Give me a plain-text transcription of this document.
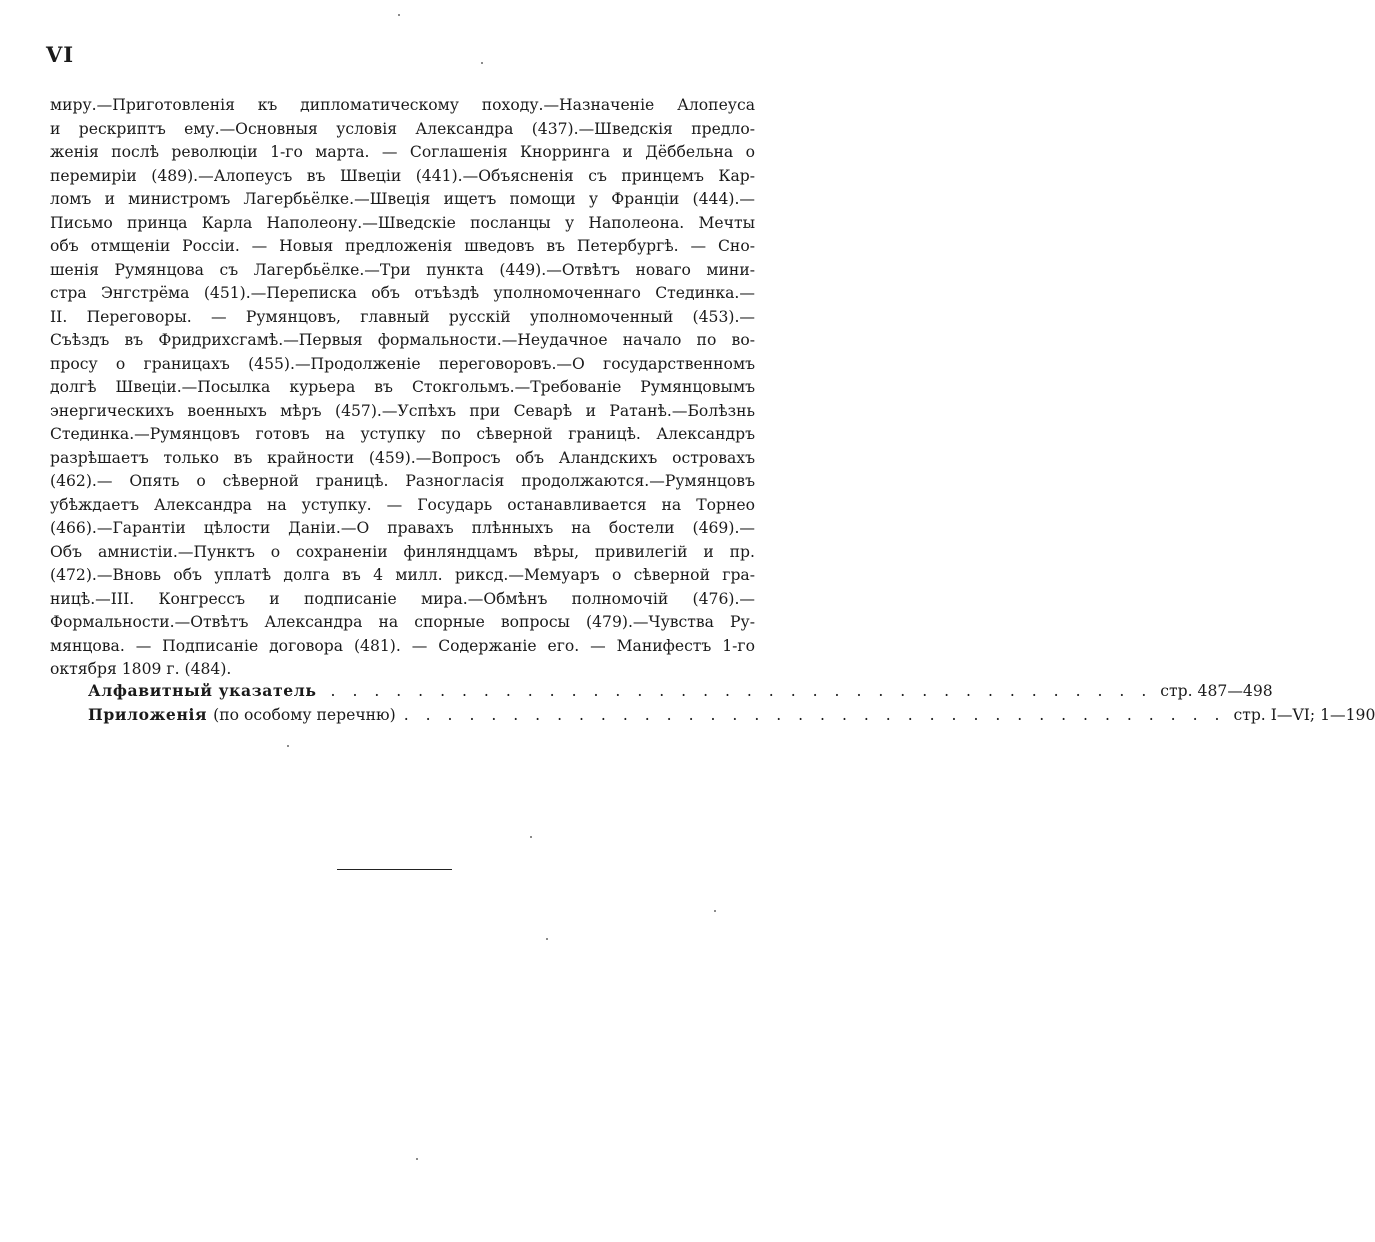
VI
миру.—Приготовленія къ дипломатическому походу.—Назначеніе Алопеуса
и рескриптъ ему.—Основныя условія Александра (437).—Шведскія предло-
женія послѣ революціи 1-го марта. — Соглашенія Кнорринга и Дёббельна о
перемиріи (489).—Алопеусъ въ Швеціи (441).—Объясненія съ принцемъ Кар-
ломъ и министромъ Лагербьёлке.—Швеція ищетъ помощи у Франціи (444).—
Письмо принца Карла Наполеону.—Шведскіе посланцы у Наполеона. Мечты
объ отмщеніи Россіи. — Новыя предложенія шведовъ въ Петербургѣ. — Сно-
шенія Румянцова съ Лагербьёлке.—Три пункта (449).—Отвѣтъ новаго мини-
стра Энгстрёма (451).—Переписка объ отъѣздѣ уполномоченнаго Стединка.—
II. Переговоры. — Румянцовъ, главный русскій уполномоченный (453).—
Съѣздъ въ Фридрихсгамѣ.—Первыя формальности.—Неудачное начало по во-
просу о границахъ (455).—Продолженіе переговоровъ.—О государственномъ
долгѣ Швеціи.—Посылка курьера въ Стокгольмъ.—Требованіе Румянцовымъ
энергическихъ военныхъ мѣръ (457).—Успѣхъ при Севарѣ и Ратанѣ.—Болѣзнь
Стединка.—Румянцовъ готовъ на уступку по сѣверной границѣ. Александръ
разрѣшаетъ только въ крайности (459).—Вопросъ объ Аландскихъ островахъ
(462).— Опять о сѣверной границѣ. Разногласія продолжаются.—Румянцовъ
убѣждаетъ Александра на уступку. — Государь останавливается на Торнео
(466).—Гарантіи цѣлости Даніи.—О правахъ плѣнныхъ на бостели (469).—
Объ амнистіи.—Пунктъ о сохраненіи финляндцамъ вѣры, привилегій и пр.
(472).—Вновь объ уплатѣ долга въ 4 милл. риксд.—Мемуаръ о сѣверной гра-
ницѣ.—III. Конгрессъ и подписаніе мира.—Обмѣнъ полномочій (476).—
Формальности.—Отвѣтъ Александра на спорные вопросы (479).—Чувства Ру-
мянцова. — Подписаніе договора (481). — Содержаніе его. — Манифестъ 1-го
октября 1809 г. (484).
Алфавитный указатель . . . . . . . . . . . . . . . . . . . . . . . . . . . . . . . . . . . . . . стр. 487—498
Приложенія (по особому перечню) . . . . . . . . . . . . . . . . . . . . . . . . . . . . . . . . . . . . . . стр. I—VI; 1—190
